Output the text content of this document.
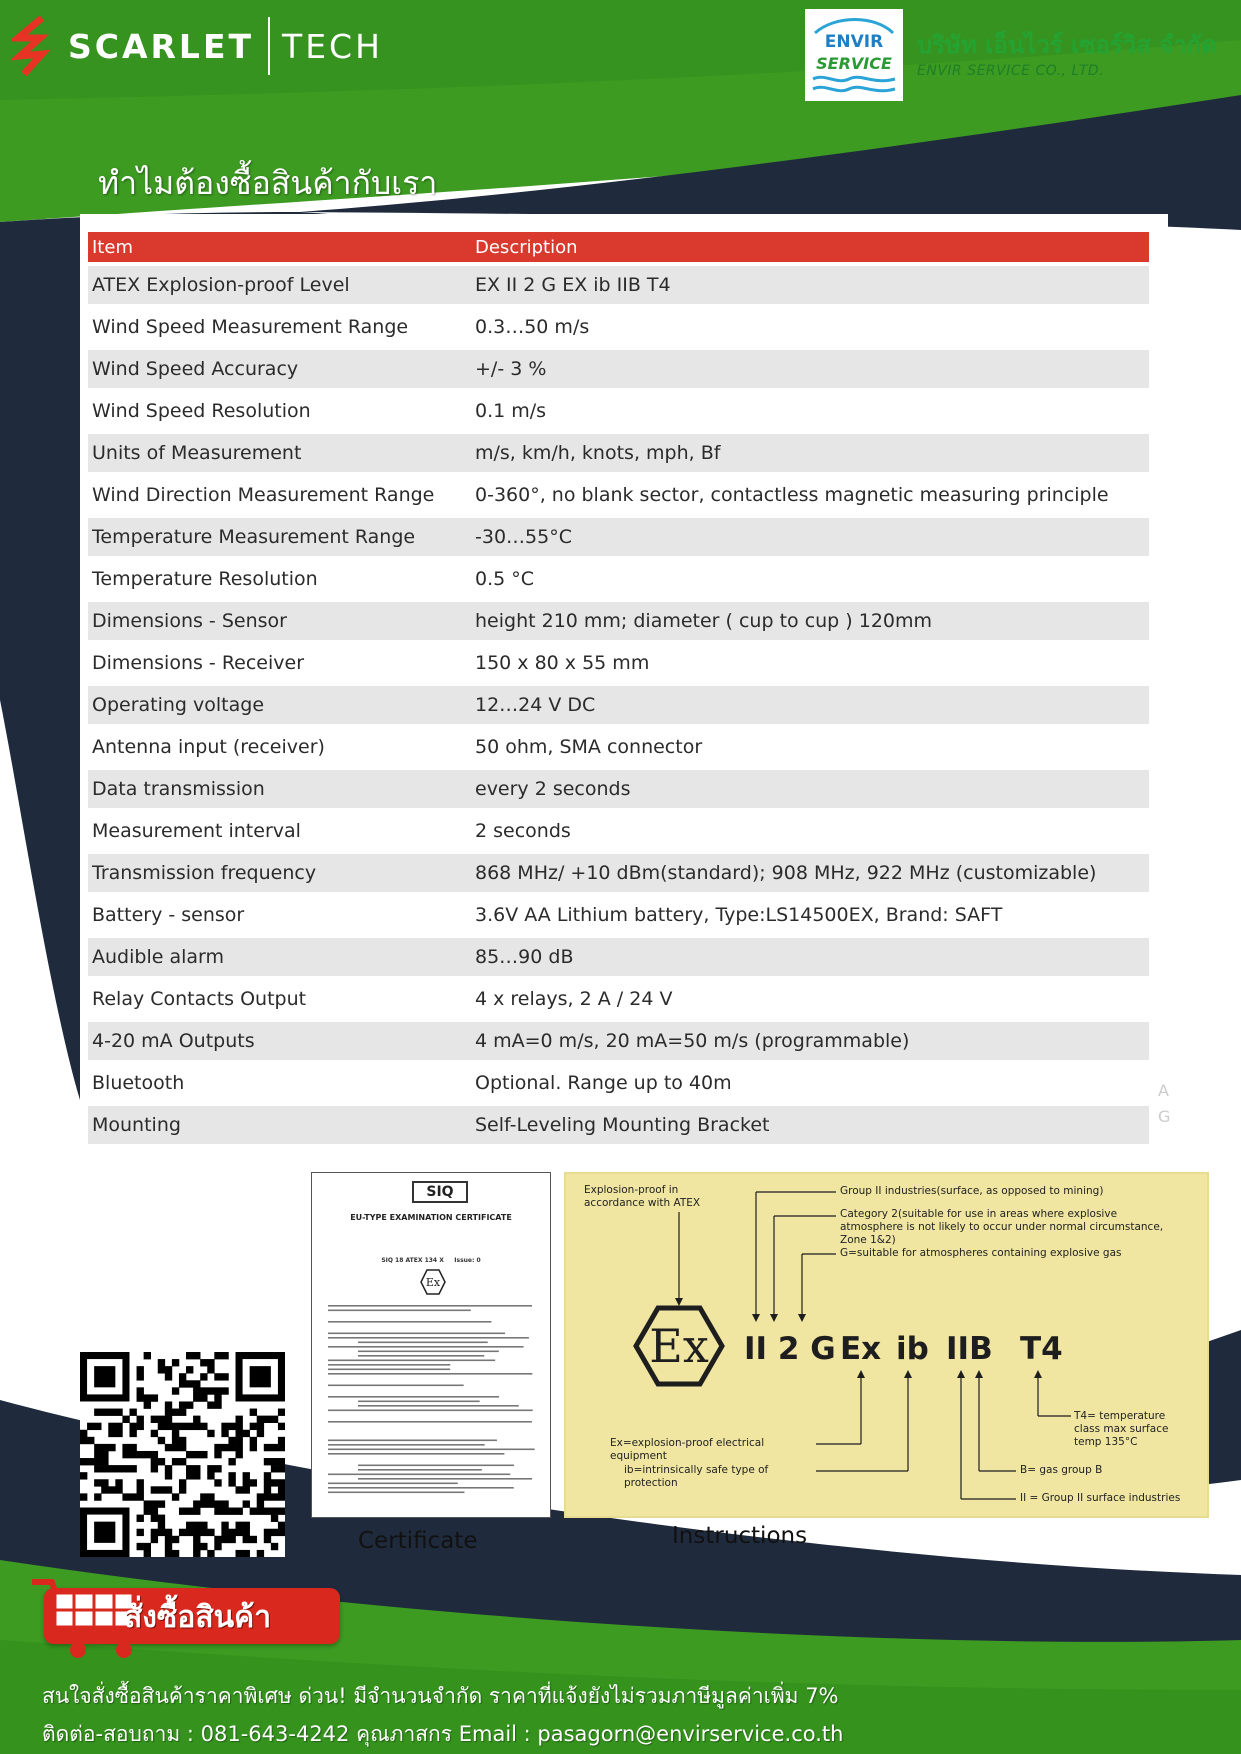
SCARLET TECH	ENVIR
SERVICE
บริษัท เอ็นไวร์ เซอร์วิส จำกัด
ENVIR SERVICE CO., LTD.
ทำไมต้องซื้อสินค้ากับเรา
Item	Description
ATEX Explosion-proof Level	EX II 2 G EX ib IIB T4
Wind Speed Measurement Range	0.3…50 m/s
Wind Speed Accuracy	+/- 3 %
Wind Speed Resolution	0.1 m/s
Units of Measurement	m/s, km/h, knots, mph, Bf
Wind Direction Measurement Range	0-360°, no blank sector, contactless magnetic measuring principle
Temperature Measurement Range	-30…55°C
Temperature Resolution	0.5 °C
Dimensions - Sensor	height 210 mm; diameter ( cup to cup ) 120mm
Dimensions - Receiver	150 x 80 x 55 mm
Operating voltage	12…24 V DC
Antenna input (receiver)	50 ohm, SMA connector
Data transmission	every 2 seconds
Measurement interval	2 seconds
Transmission frequency	868 MHz/ +10 dBm(standard); 908 MHz, 922 MHz (customizable)
Battery - sensor	3.6V AA Lithium battery, Type:LS14500EX, Brand: SAFT
Audible alarm	85…90 dB
Relay Contacts Output	4 x relays, 2 A / 24 V
4-20 mA Outputs	4 mA=0 m/s, 20 mA=50 m/s (programmable)
Bluetooth	Optional. Range up to 40m
Mounting	Self-Leveling Mounting Bracket
A
G
SIQ
EU-TYPE EXAMINATION CERTIFICATE
SIQ 18 ATEX 134 X Issue: 0
Ex
Certificate
Ex
Explosion-proof in accordance with ATEX
Group II industries(surface, as opposed to mining)
Category 2(suitable for use in areas where explosive atmosphere is not likely to occur under normal circumstance, Zone 1&2)
G=suitable for atmospheres containing explosive gas
II 2 G Ex ib IIB T4
Ex=explosion-proof electrical equipment
ib=intrinsically safe type of protection
T4= temperature class max surface temp 135°C
B= gas group B
II = Group II surface industries
Instructions
สั่งซื้อสินค้า
สนใจสั่งซื้อสินค้าราคาพิเศษ ด่วน! มีจำนวนจำกัด ราคาที่แจ้งยังไม่รวมภาษีมูลค่าเพิ่ม 7%
ติดต่อ-สอบถาม : 081-643-4242 คุณภาสกร Email : pasagorn@envirservice.co.th
